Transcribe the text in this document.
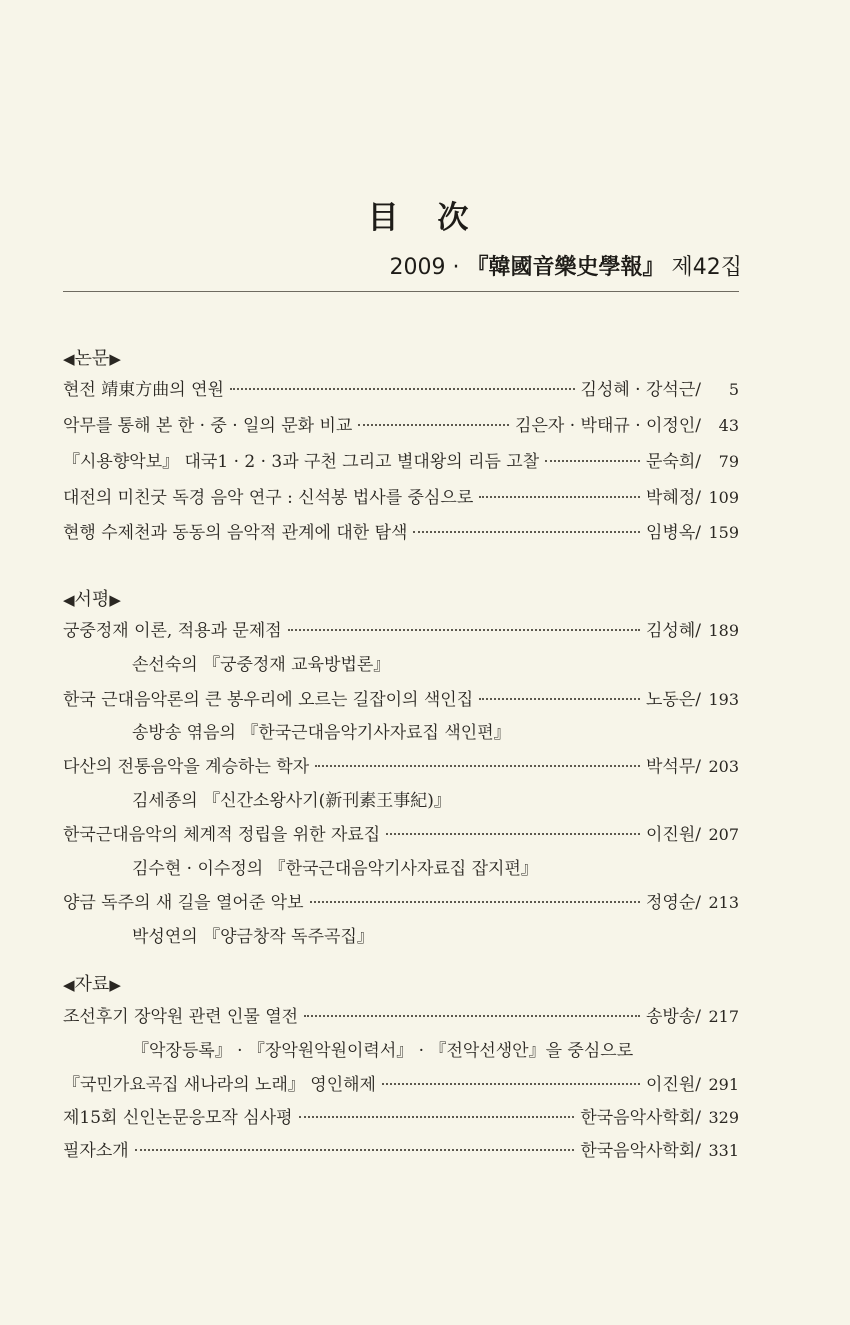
目 次
2009 · 『韓國音樂史學報』 제42집
◀논문▶
현전 靖東方曲의 연원	김성혜 · 강석근/	5
악무를 통해 본 한 · 중 · 일의 문화 비교	김은자 · 박태규 · 이정인/	43
『시용향악보』 대국1 · 2 · 3과 구천 그리고 별대왕의 리듬 고찰	문숙희/	79
대전의 미친굿 독경 음악 연구 : 신석봉 법사를 중심으로	박혜정/ 109
현행 수제천과 동동의 음악적 관계에 대한 탐색	임병옥/ 159
◀서평▶
궁중정재 이론, 적용과 문제점	김성혜/ 189
손선숙의 『궁중정재 교육방법론』
한국 근대음악론의 큰 봉우리에 오르는 길잡이의 색인집	노동은/ 193
송방송 엮음의 『한국근대음악기사자료집 색인편』
다산의 전통음악을 계승하는 학자	박석무/ 203
김세종의 『신간소왕사기(新刊素王事紀)』
한국근대음악의 체계적 정립을 위한 자료집	이진원/ 207
김수현 · 이수정의 『한국근대음악기사자료집 잡지편』
양금 독주의 새 길을 열어준 악보	정영순/ 213
박성연의 『양금창작 독주곡집』
◀자료▶
조선후기 장악원 관련 인물 열전	송방송/ 217
『악장등록』 · 『장악원악원이력서』 · 『전악선생안』을 중심으로
『국민가요곡집 새나라의 노래』 영인해제	이진원/ 291
제15회 신인논문응모작 심사평	한국음악사학회/ 329
필자소개	한국음악사학회/ 331
